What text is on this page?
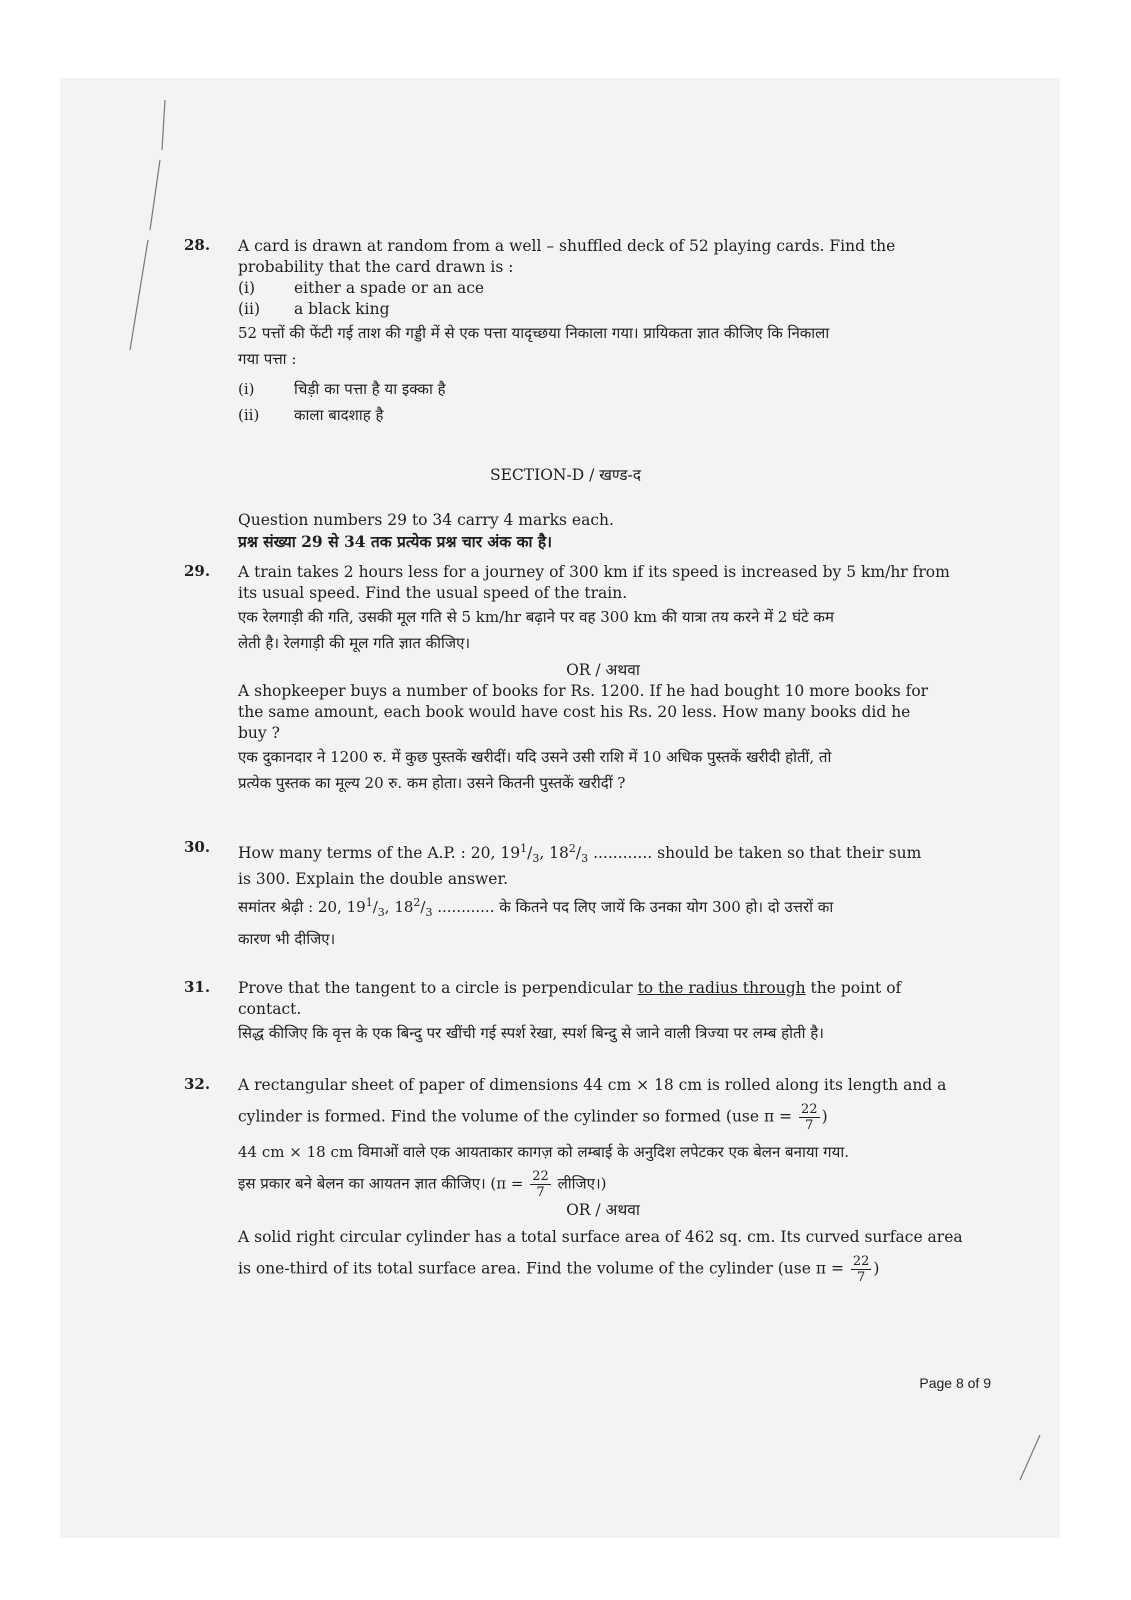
28. A card is drawn at random from a well – shuffled deck of 52 playing cards. Find the
probability that the card drawn is :
(i)	either a spade or an ace
(ii)	a black king
52 पत्तों की फेंटी गई ताश की गड्डी में से एक पत्ता यादृच्छया निकाला गया। प्रायिकता ज्ञात कीजिए कि निकाला
गया पत्ता :
(i)	चिड़ी का पत्ता है या इक्का है
(ii)	काला बादशाह है
SECTION-D / खण्ड-द
Question numbers 29 to 34 carry 4 marks each.
प्रश्न संख्या 29 से 34 तक प्रत्येक प्रश्न चार अंक का है।
29. A train takes 2 hours less for a journey of 300 km if its speed is increased by 5 km/hr from
its usual speed. Find the usual speed of the train.
एक रेलगाड़ी की गति, उसकी मूल गति से 5 km/hr बढ़ाने पर वह 300 km की यात्रा तय करने में 2 घंटे कम
लेती है। रेलगाड़ी की मूल गति ज्ञात कीजिए।
OR / अथवा
A shopkeeper buys a number of books for Rs. 1200. If he had bought 10 more books for
the same amount, each book would have cost his Rs. 20 less. How many books did he
buy ?
एक दुकानदार ने 1200 रु. में कुछ पुस्तकें खरीदीं। यदि उसने उसी राशि में 10 अधिक पुस्तकें खरीदी होतीं, तो
प्रत्येक पुस्तक का मूल्य 20 रु. कम होता। उसने कितनी पुस्तकें खरीदीं ?
30. How many terms of the A.P. : 20, $19^1/_3$, $18^2/_3$ ............ should be taken so that their sum
is 300. Explain the double answer.
समांतर श्रेढ़ी : 20, $19^1/_3$, $18^2/_3$ ............ के कितने पद लिए जायें कि उनका योग 300 हो। दो उत्तरों का
कारण भी दीजिए।
31. Prove that the tangent to a circle is perpendicular to the radius through the point of
contact.
सिद्ध कीजिए कि वृत्त के एक बिन्दु पर खींची गई स्पर्श रेखा, स्पर्श बिन्दु से जाने वाली त्रिज्या पर लम्ब होती है।
32. A rectangular sheet of paper of dimensions 44 cm × 18 cm is rolled along its length and a
cylinder is formed. Find the volume of the cylinder so formed (use $\pi = \frac{22}{7}$ )
44 cm × 18 cm विमाओं वाले एक आयताकार कागज़ को लम्बाई के अनुदिश लपेटकर एक बेलन बनाया गया.
इस प्रकार बने बेलन का आयतन ज्ञात कीजिए। ($\pi = \frac{22}{7}$ लीजिए।)
OR / अथवा
A solid right circular cylinder has a total surface area of 462 sq. cm. Its curved surface area
is one-third of its total surface area. Find the volume of the cylinder (use $\pi = \frac{22}{7}$ )
Page 8 of 9
